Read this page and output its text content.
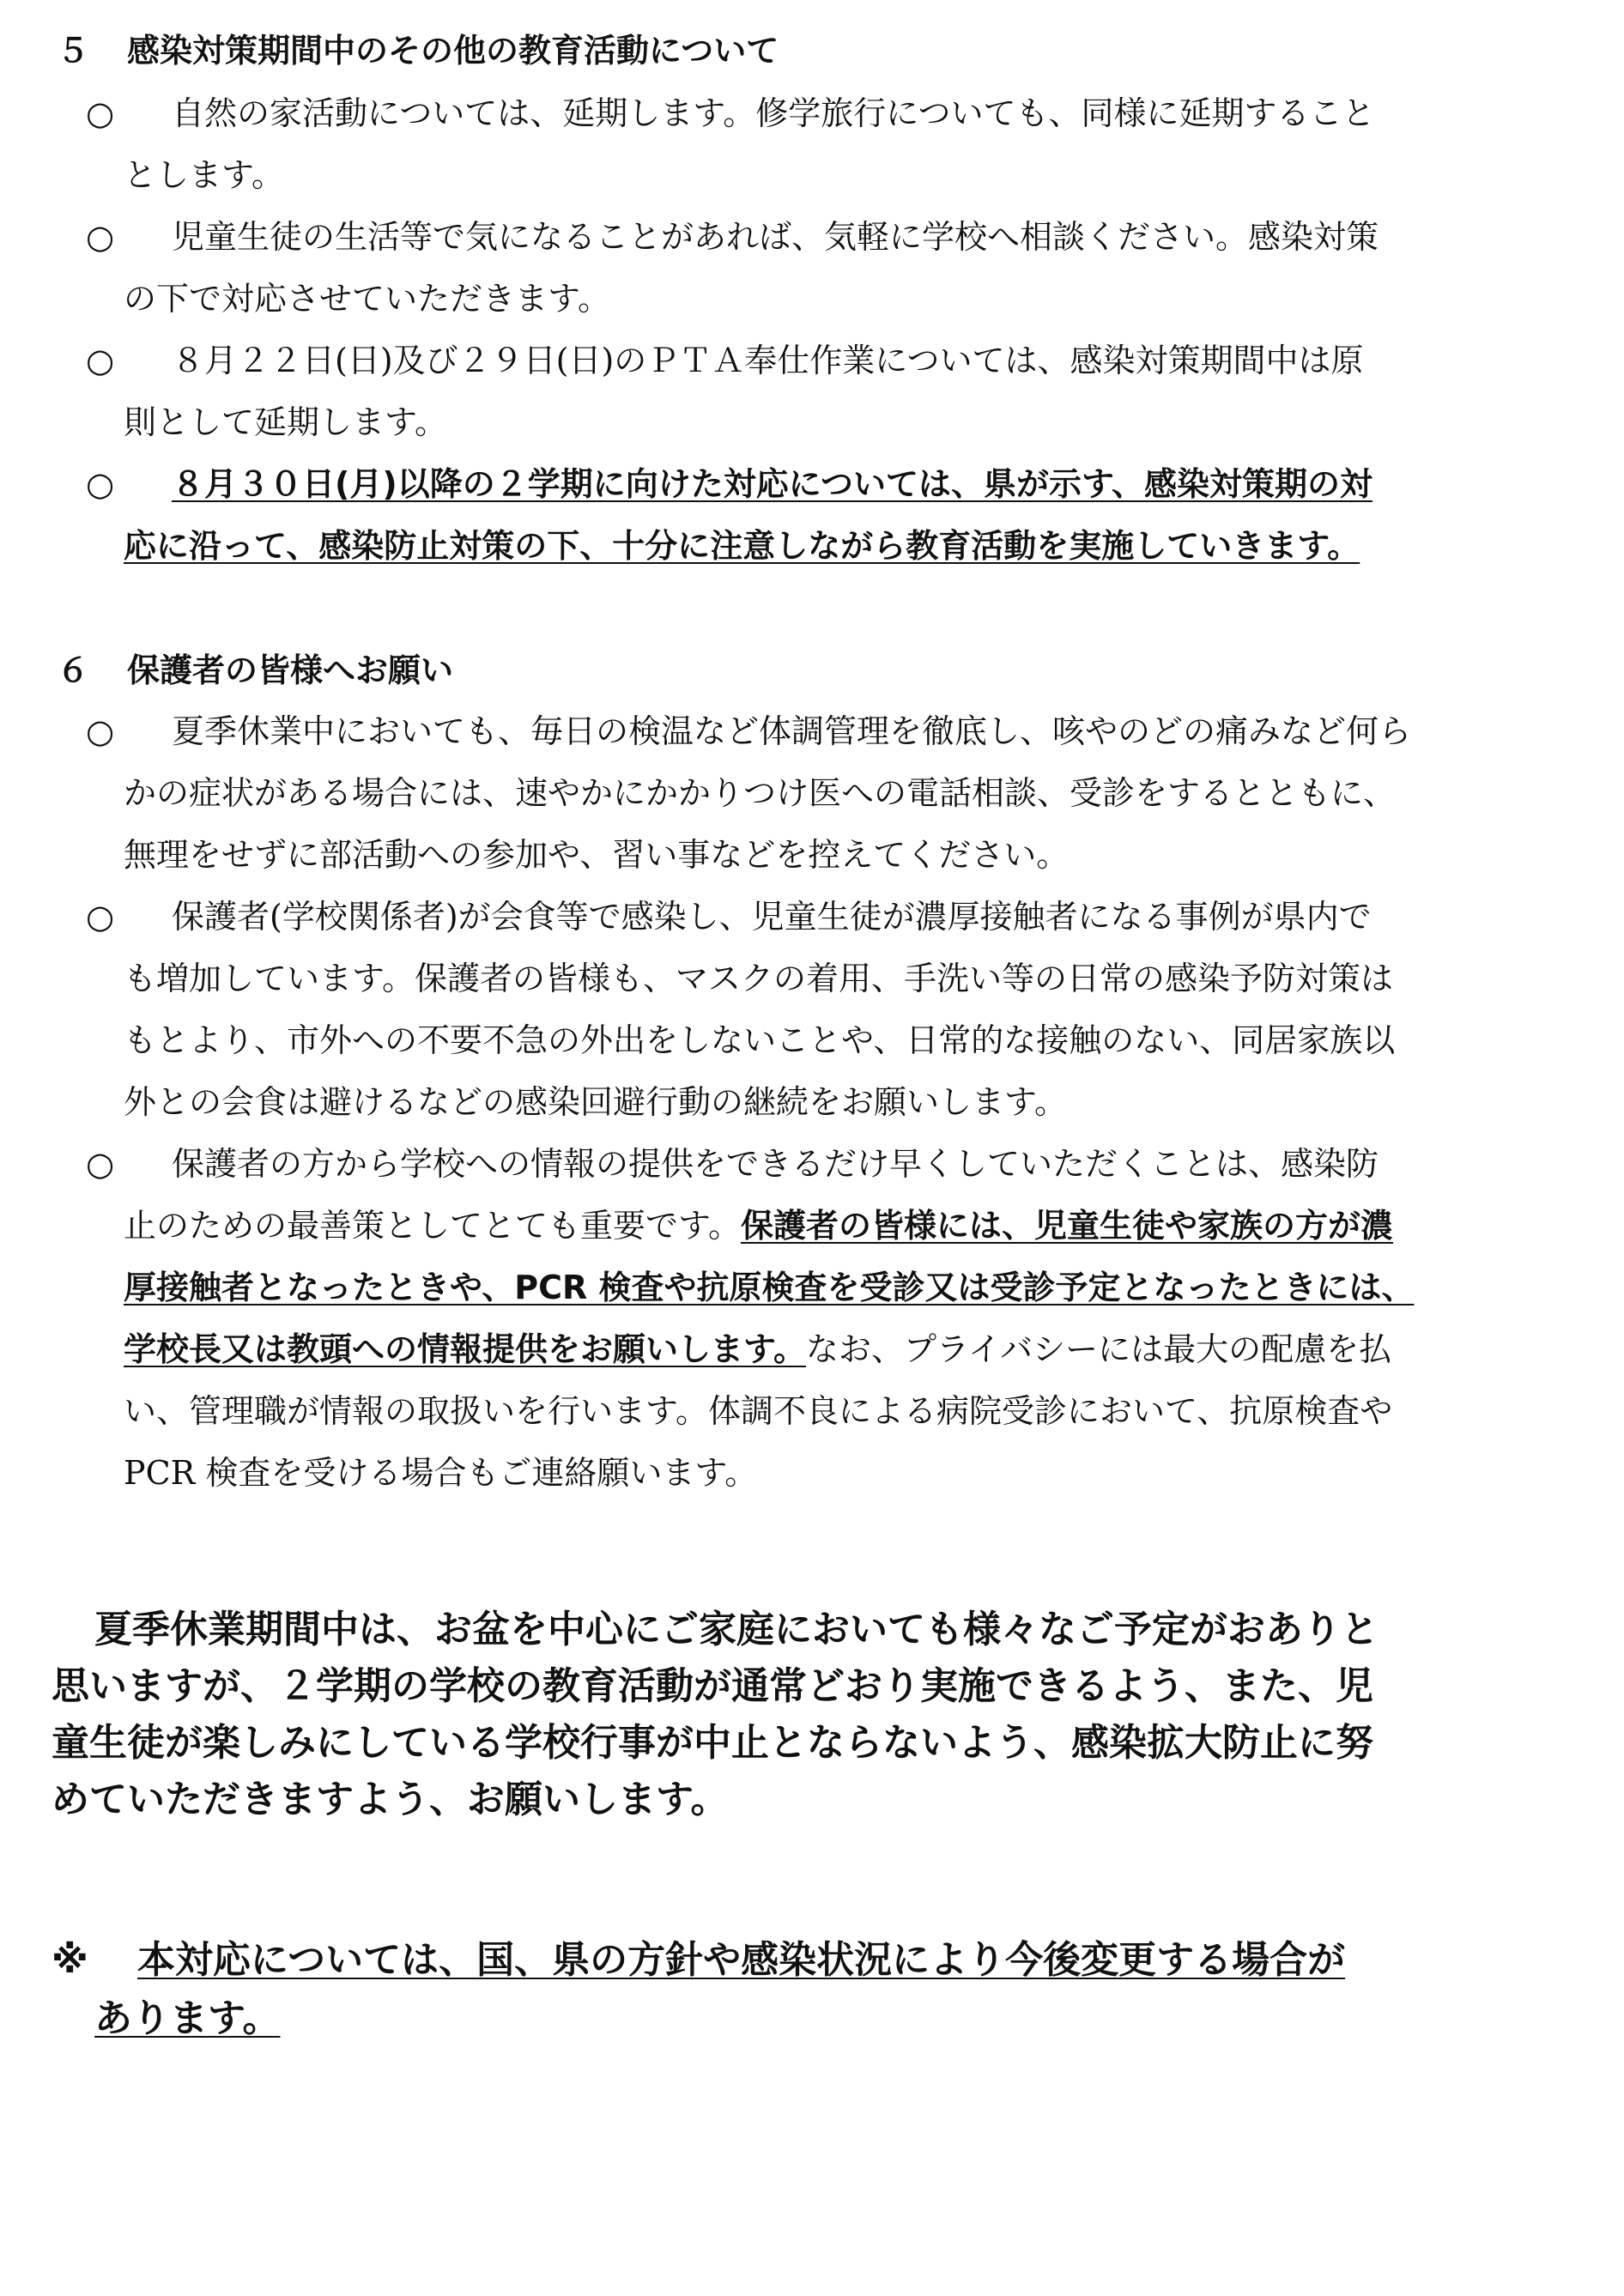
５ 感染対策期間中のその他の教育活動について
○	自然の家活動については、延期します。修学旅行についても、同様に延期すること
とします。
○	児童生徒の生活等で気になることがあれば、気軽に学校へ相談ください。感染対策
の下で対応させていただきます。
○	８月２２日(日)及び２９日(日)のＰＴＡ奉仕作業については、感染対策期間中は原
則として延期します。
○	８月３０日(月)以降の２学期に向けた対応については、県が示す、感染対策期の対
応に沿って、感染防止対策の下、十分に注意しながら教育活動を実施していきます。
６ 保護者の皆様へお願い
○	夏季休業中においても、毎日の検温など体調管理を徹底し、咳やのどの痛みなど何ら
かの症状がある場合には、速やかにかかりつけ医への電話相談、受診をするとともに、
無理をせずに部活動への参加や、習い事などを控えてください。
○	保護者(学校関係者)が会食等で感染し、児童生徒が濃厚接触者になる事例が県内で
も増加しています。保護者の皆様も、マスクの着用、手洗い等の日常の感染予防対策は
もとより、市外への不要不急の外出をしないことや、日常的な接触のない、同居家族以
外との会食は避けるなどの感染回避行動の継続をお願いします。
○	保護者の方から学校への情報の提供をできるだけ早くしていただくことは、感染防
止のための最善策としてとても重要です。保護者の皆様には、児童生徒や家族の方が濃
厚接触者となったときや、PCR 検査や抗原検査を受診又は受診予定となったときには、
学校長又は教頭への情報提供をお願いします。なお、プライバシーには最大の配慮を払
い、管理職が情報の取扱いを行います。体調不良による病院受診において、抗原検査や
PCR 検査を受ける場合もご連絡願います。
夏季休業期間中は、お盆を中心にご家庭においても様々なご予定がおありと
思いますが、２学期の学校の教育活動が通常どおり実施できるよう、また、児
童生徒が楽しみにしている学校行事が中止とならないよう、感染拡大防止に努
めていただきますよう、お願いします。
※ 本対応については、国、県の方針や感染状況により今後変更する場合が
あります。
